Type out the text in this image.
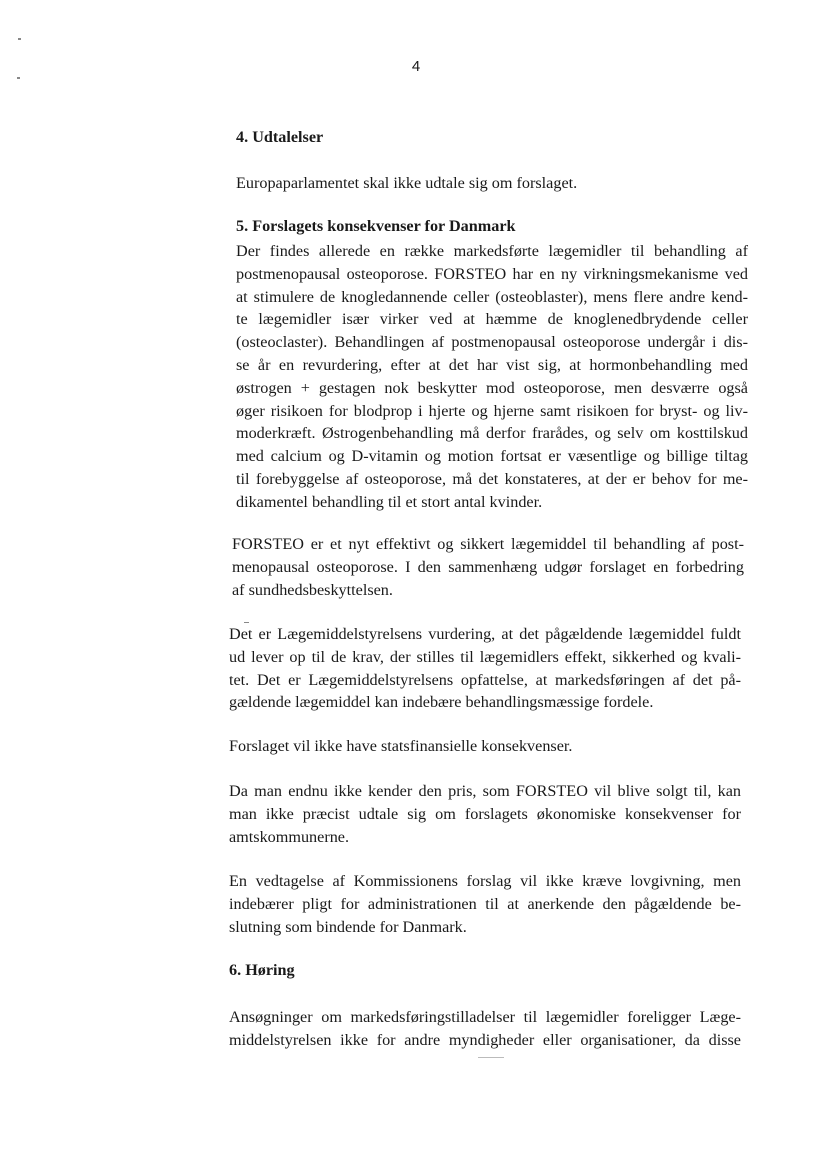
4
4. Udtalelser

Europaparlamentet skal ikke udtale sig om forslaget.

5. Forslagets konsekvenser for Danmark

Der findes allerede en række markedsførte lægemidler til behandling af

postmenopausal osteoporose. FORSTEO har en ny virkningsmekanisme ved

at stimulere de knogledannende celler (osteoblaster), mens flere andre kend-

te lægemidler især virker ved at hæmme de knoglenedbrydende celler

(osteoclaster). Behandlingen af postmenopausal osteoporose undergår i dis-

se år en revurdering, efter at det har vist sig, at hormonbehandling med

østrogen + gestagen nok beskytter mod osteoporose, men desværre også

øger risikoen for blodprop i hjerte og hjerne samt risikoen for bryst- og liv-

moderkræft. Østrogenbehandling må derfor frarådes, og selv om kosttilskud

med calcium og D-vitamin og motion fortsat er væsentlige og billige tiltag

til forebyggelse af osteoporose, må det konstateres, at der er behov for me-

dikamentel behandling til et stort antal kvinder.

FORSTEO er et nyt effektivt og sikkert lægemiddel til behandling af post-

menopausal osteoporose. I den sammenhæng udgør forslaget en forbedring

af sundhedsbeskyttelsen.

Det er Lægemiddelstyrelsens vurdering, at det pågældende lægemiddel fuldt

ud lever op til de krav, der stilles til lægemidlers effekt, sikkerhed og kvali-

tet. Det er Lægemiddelstyrelsens opfattelse, at markedsføringen af det på-

gældende lægemiddel kan indebære behandlingsmæssige fordele.

Forslaget vil ikke have statsfinansielle konsekvenser.

Da man endnu ikke kender den pris, som FORSTEO vil blive solgt til, kan

man ikke præcist udtale sig om forslagets økonomiske konsekvenser for

amtskommunerne.

En vedtagelse af Kommissionens forslag vil ikke kræve lovgivning, men

indebærer pligt for administrationen til at anerkende den pågældende be-

slutning som bindende for Danmark.

6. Høring

Ansøgninger om markedsføringstilladelser til lægemidler foreligger Læge-

middelstyrelsen ikke for andre myndigheder eller organisationer, da disse
